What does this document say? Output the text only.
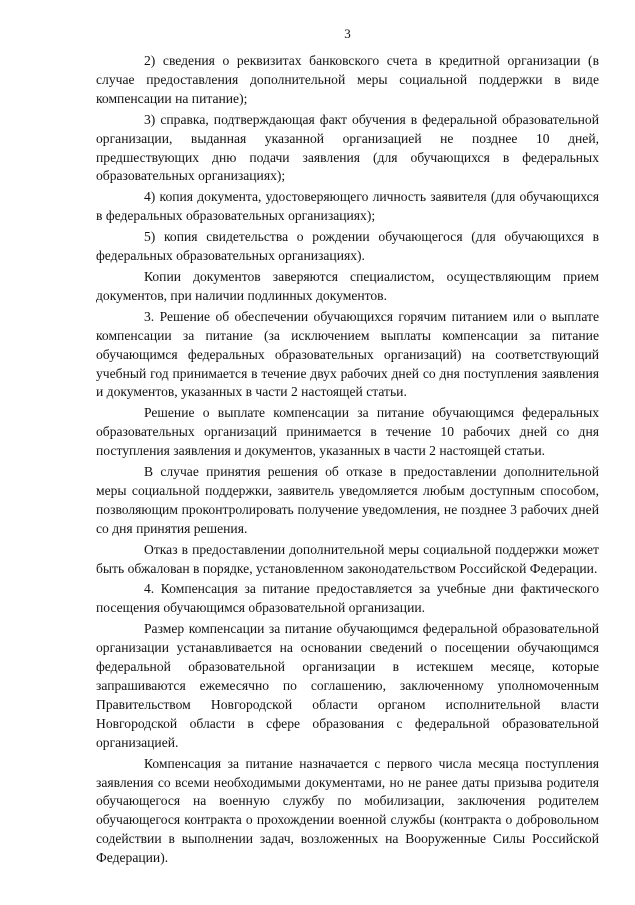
3

2) сведения о реквизитах банковского счета в кредитной организации (в случае предоставления дополнительной меры социальной поддержки в виде компенсации на питание);

3) справка, подтверждающая факт обучения в федеральной образовательной организации, выданная указанной организацией не позднее 10 дней, предшествующих дню подачи заявления (для обучающихся в федеральных образовательных организациях);

4) копия документа, удостоверяющего личность заявителя (для обучающихся в федеральных образовательных организациях);

5) копия свидетельства о рождении обучающегося (для обучающихся в федеральных образовательных организациях).

Копии документов заверяются специалистом, осуществляющим прием документов, при наличии подлинных документов.

3. Решение об обеспечении обучающихся горячим питанием или о выплате компенсации за питание (за исключением выплаты компенсации за питание обучающимся федеральных образовательных организаций) на соответствующий учебный год принимается в течение двух рабочих дней со дня поступления заявления и документов, указанных в части 2 настоящей статьи.

Решение о выплате компенсации за питание обучающимся федеральных образовательных организаций принимается в течение 10 рабочих дней со дня поступления заявления и документов, указанных в части 2 настоящей статьи.

В случае принятия решения об отказе в предоставлении дополнительной меры социальной поддержки, заявитель уведомляется любым доступным способом, позволяющим проконтролировать получение уведомления, не позднее 3 рабочих дней со дня принятия решения.

Отказ в предоставлении дополнительной меры социальной поддержки может быть обжалован в порядке, установленном законодательством Российской Федерации.

4. Компенсация за питание предоставляется за учебные дни фактического посещения обучающимся образовательной организации.

Размер компенсации за питание обучающимся федеральной образовательной организации устанавливается на основании сведений о посещении обучающимся федеральной образовательной организации в истекшем месяце, которые запрашиваются ежемесячно по соглашению, заключенному уполномоченным Правительством Новгородской области органом исполнительной власти Новгородской области в сфере образования с федеральной образовательной организацией.

Компенсация за питание назначается с первого числа месяца поступления заявления со всеми необходимыми документами, но не ранее даты призыва родителя обучающегося на военную службу по мобилизации, заключения родителем обучающегося контракта о прохождении военной службы (контракта о добровольном содействии в выполнении задач, возложенных на Вооруженные Силы Российской Федерации).
